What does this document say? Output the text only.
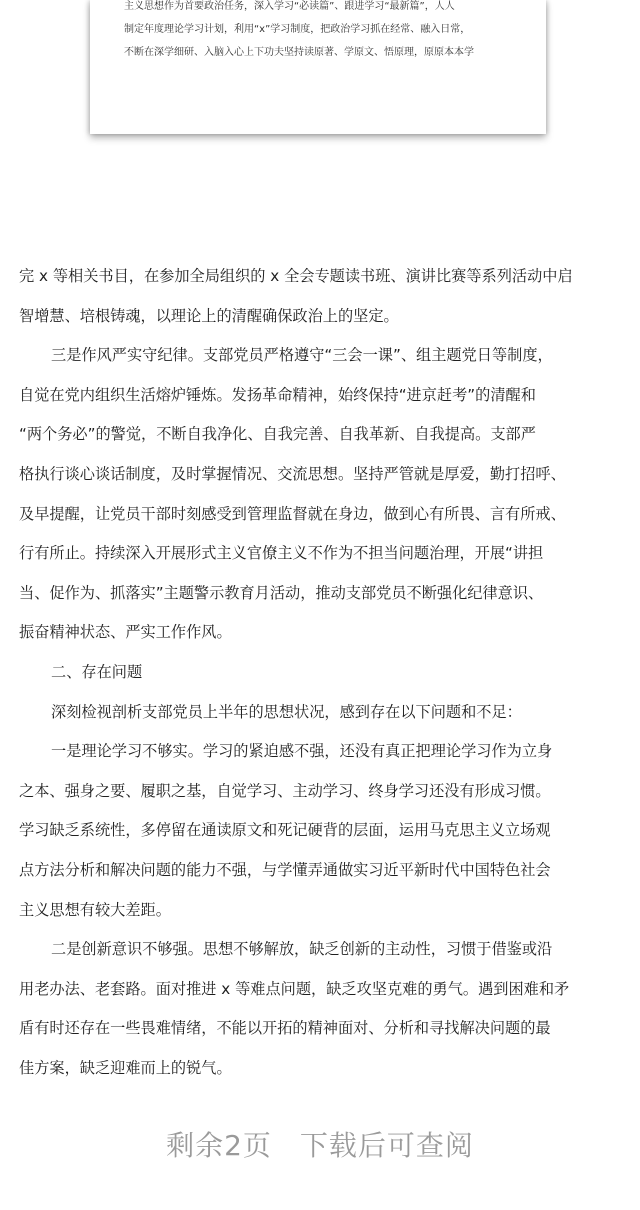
主义思想作为首要政治任务，深入学习“必读篇”、跟进学习“最新篇”，人人
制定年度理论学习计划，利用“x”学习制度，把政治学习抓在经常、融入日常，
不断在深学细研、入脑入心上下功夫坚持读原著、学原文、悟原理，原原本本学
完 x 等相关书目，在参加全局组织的 x 全会专题读书班、演讲比赛等系列活动中启
智增慧、培根铸魂，以理论上的清醒确保政治上的坚定。
三是作风严实守纪律。支部党员严格遵守“三会一课”、组主题党日等制度，
自觉在党内组织生活熔炉锤炼。发扬革命精神，始终保持“进京赶考”的清醒和
“两个务必”的警觉，不断自我净化、自我完善、自我革新、自我提高。支部严
格执行谈心谈话制度，及时掌握情况、交流思想。坚持严管就是厚爱，勤打招呼、
及早提醒，让党员干部时刻感受到管理监督就在身边，做到心有所畏、言有所戒、
行有所止。持续深入开展形式主义官僚主义不作为不担当问题治理，开展“讲担
当、促作为、抓落实”主题警示教育月活动，推动支部党员不断强化纪律意识、
振奋精神状态、严实工作作风。
二、存在问题
深刻检视剖析支部党员上半年的思想状况，感到存在以下问题和不足：
一是理论学习不够实。学习的紧迫感不强，还没有真正把理论学习作为立身
之本、强身之要、履职之基，自觉学习、主动学习、终身学习还没有形成习惯。
学习缺乏系统性，多停留在通读原文和死记硬背的层面，运用马克思主义立场观
点方法分析和解决问题的能力不强，与学懂弄通做实习近平新时代中国特色社会
主义思想有较大差距。
二是创新意识不够强。思想不够解放，缺乏创新的主动性，习惯于借鉴或沿
用老办法、老套路。面对推进 x 等难点问题，缺乏攻坚克难的勇气。遇到困难和矛
盾有时还存在一些畏难情绪，不能以开拓的精神面对、分析和寻找解决问题的最
佳方案，缺乏迎难而上的锐气。
剩余2页 下载后可查阅
